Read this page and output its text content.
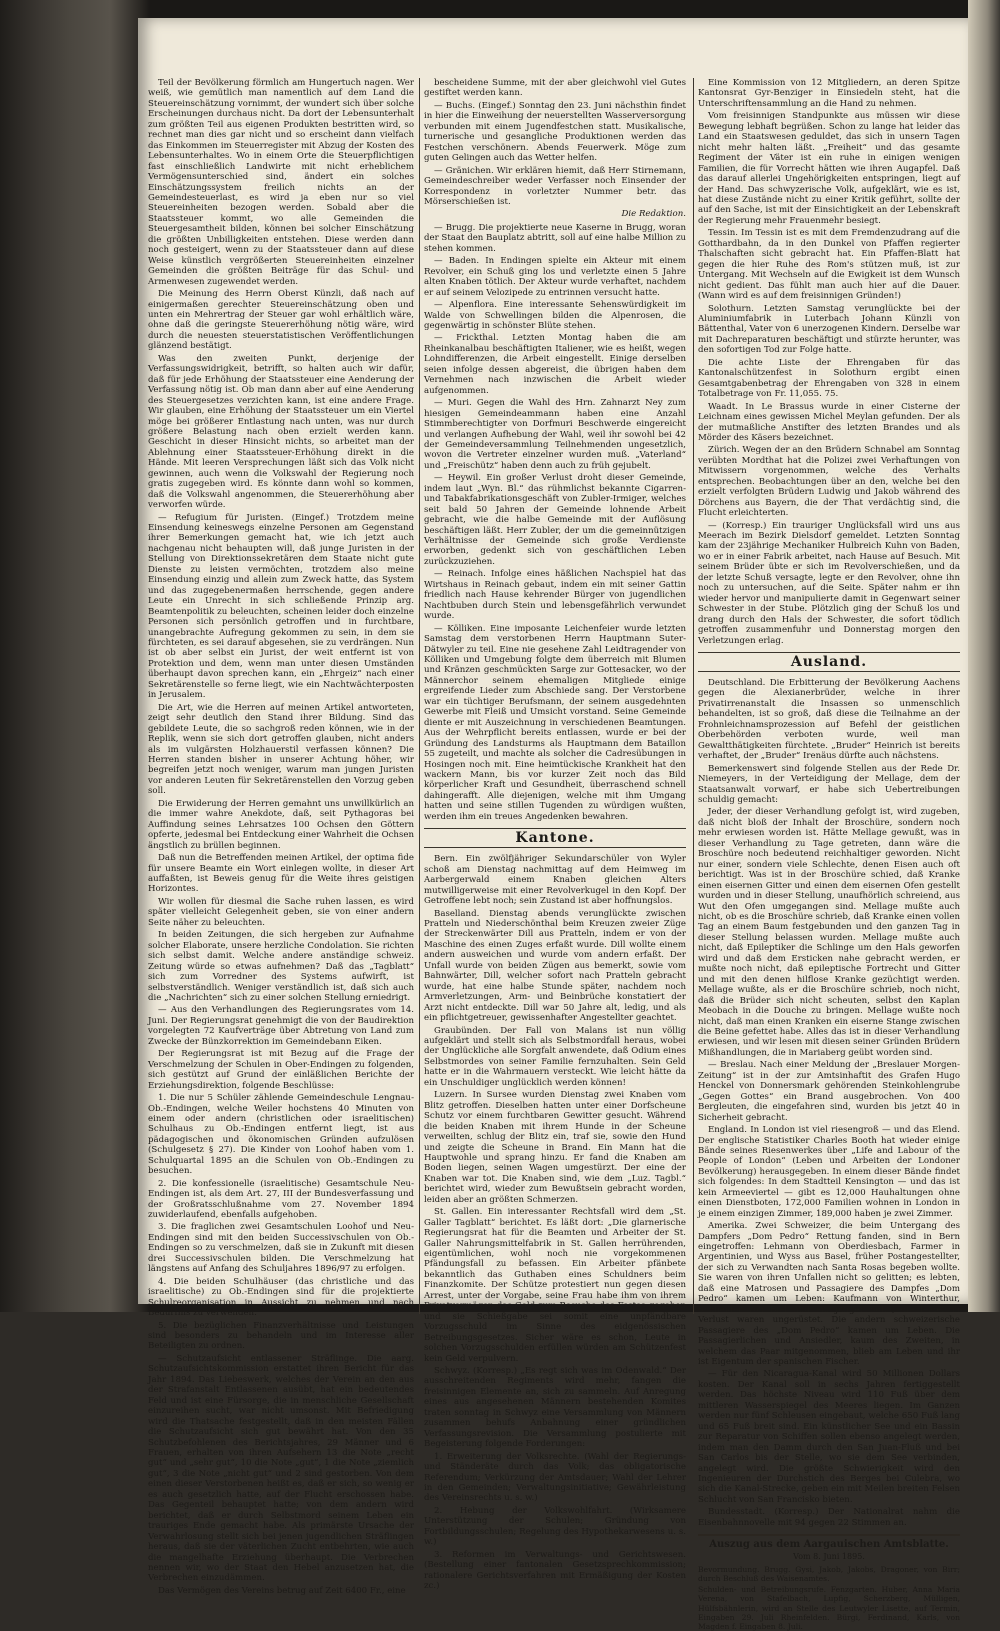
Teil der Bevölkerung förmlich am Hungertuch nagen. Wer weiß, wie gemütlich man namentlich auf dem Land die Steuereinschätzung vornimmt, der wundert sich über solche Erscheinungen durchaus nicht. Da dort der Lebensunterhalt zum größten Teil aus eigenen Produkten bestritten wird, so rechnet man dies gar nicht und so erscheint dann vielfach das Einkommen im Steuerregister mit Abzug der Kosten des Lebensunterhaltes. Wo in einem Orte die Steuerpflichtigen fast einschließlich Landwirte mit nicht erheblichem Vermögensunterschied sind, ändert ein solches Einschätzungssystem freilich nichts an der Gemeindesteuerlast, es wird ja eben nur so viel Steuereinheiten bezogen werden. Sobald aber die Staatssteuer kommt, wo alle Gemeinden die Steuergesamtheit bilden, können bei solcher Einschätzung die größten Unbilligkeiten entstehen. Diese werden dann noch gesteigert, wenn zu der Staatssteuer dann auf diese Weise künstlich vergrößerten Steuereinheiten einzelner Gemeinden die größten Beiträge für das Schul- und Armenwesen zugewendet werden.

Die Meinung des Herrn Oberst Künzli, daß nach auf einigermaßen gerechter Steuereinschätzung oben und unten ein Mehrertrag der Steuer gar wohl erhältlich wäre, ohne daß die geringste Steuererhöhung nötig wäre, wird durch die neuesten steuerstatistischen Veröffentlichungen glänzend bestätigt.

Was den zweiten Punkt, derjenige der Verfassungswidrigkeit, betrifft, so halten auch wir dafür, daß für jede Erhöhung der Staatssteuer eine Aenderung der Verfassung nötig ist. Ob man dann aber auf eine Aenderung des Steuergesetzes verzichten kann, ist eine andere Frage. Wir glauben, eine Erhöhung der Staatssteuer um ein Viertel möge bei größerer Entlastung nach unten, was nur durch größere Belastung nach oben erzielt werden kann. Geschicht in dieser Hinsicht nichts, so arbeitet man der Ablehnung einer Staatssteuer-Erhöhung direkt in die Hände. Mit leeren Versprechungen läßt sich das Volk nicht gewinnen, auch wenn die Volkswahl der Regierung noch gratis zugegeben wird. Es könnte dann wohl so kommen, daß die Volkswahl angenommen, die Steuererhöhung aber verworfen würde.

— Refugium für Juristen. (Eingef.) Trotzdem meine Einsendung keineswegs einzelne Personen am Gegenstand ihrer Bemerkungen gemacht hat, wie ich jetzt auch nachgenau nicht behaupten will, daß junge Juristen in der Stellung von Direktionssekretären dem Staate nicht gute Dienste zu leisten vermöchten, trotzdem also meine Einsendung einzig und allein zum Zweck hatte, das System und das zugegebenermaßen herrschende, gegen andere Leute ein Unrecht in sich schließende Prinzip arg. Beamtenpolitik zu beleuchten, scheinen leider doch einzelne Personen sich persönlich getroffen und in furchtbare, unangebrachte Aufregung gekommen zu sein, in dem sie fürchteten, es sei darauf abgesehen, sie zu verdrängen. Nun ist ob aber selbst ein Jurist, der weit entfernt ist von Protektion und dem, wenn man unter diesen Umständen überhaupt davon sprechen kann, ein „Ehrgeiz“ nach einer Sekretärenstelle so ferne liegt, wie ein Nachtwächterposten in Jerusalem.

Die Art, wie die Herren auf meinen Artikel antworteten, zeigt sehr deutlich den Stand ihrer Bildung. Sind das gebildete Leute, die so sachgroß reden können, wie in der Replik, wenn sie sich dort getroffen glauben, nicht anders als im vulgärsten Holzhauerstil verfassen können? Die Herren standen bisher in unserer Achtung höher, wir begreifen jetzt noch weniger, warum man jungen Juristen vor anderen Leuten für Sekretärenstellen den Vorzug geben soll.

Die Erwiderung der Herren gemahnt uns unwillkürlich an die immer wahre Anekdote, daß, seit Pythagoras bei Auffindung seines Lehrsatzes 100 Ochsen den Göttern opferte, jedesmal bei Entdeckung einer Wahrheit die Ochsen ängstlich zu brüllen beginnen.

Daß nun die Betreffenden meinen Artikel, der optima fide für unsere Beamte ein Wort einlegen wollte, in dieser Art auffaßten, ist Beweis genug für die Weite ihres geistigen Horizontes.

Wir wollen für diesmal die Sache ruhen lassen, es wird später vielleicht Gelegenheit geben, sie von einer andern Seite näher zu beleuchten.

In beiden Zeitungen, die sich hergeben zur Aufnahme solcher Elaborate, unsere herzliche Condolation. Sie richten sich selbst damit. Welche andere anständige schweiz. Zeitung würde so etwas aufnehmen? Daß das „Tagblatt“ sich zum Vorredner des Systems aufwirft, ist selbstverständlich. Weniger verständlich ist, daß sich auch die „Nachrichten“ sich zu einer solchen Stellung erniedrigt.

— Aus den Verhandlungen des Regierungsrates vom 14. Juni. Der Regierungsrat genehmigt die von der Baudirektion vorgelegten 72 Kaufverträge über Abtretung von Land zum Zwecke der Bünzkorrektion im Gemeindebann Eiken.

Der Regierungsrat ist mit Bezug auf die Frage der Verschmelzung der Schulen in Ober-Endingen zu folgenden, sich gestützt auf Grund der einläßlichen Berichte der Erziehungsdirektion, folgende Beschlüsse:

1. Die nur 5 Schüler zählende Gemeindeschule Lengnau-Ob.-Endingen, welche Weiler hochstens 40 Minuten von einem oder andern (christlichen oder israelitischen) Schulhaus zu Ob.-Endingen entfernt liegt, ist aus pädagogischen und ökonomischen Gründen aufzulösen (Schulgesetz § 27). Die Kinder von Loohof haben vom 1. Schulquartal 1895 an die Schulen von Ob.-Endingen zu besuchen.

2. Die konfessionelle (israelitische) Gesamtschule Neu-Endingen ist, als dem Art. 27, III der Bundesverfassung und der Großratsschlußnahme vom 27. November 1894 zuwiderlaufend, ebenfalls aufgehoben.

3. Die fraglichen zwei Gesamtschulen Loohof und Neu-Endingen sind mit den beiden Successivschulen von Ob.-Endingen so zu verschmelzen, daß sie in Zukunft mit diesen drei Successivschulen bilden. Die Verschmelzung hat längstens auf Anfang des Schuljahres 1896/97 zu erfolgen.

4. Die beiden Schulhäuser (das christliche und das israelitische) zu Ob.-Endingen sind für die projektierte Schulreorganisation in Aussicht zu nehmen und nach Bedürfnis zu verwenden.

5. Die bezüglichen Finanzverhältnisse und Leistungen sind besonders zu behandeln und im Interesse aller Beteiligten zu ordnen.

— Schutzaufsicht entlassener Sträflinge. Die aarg. Schutzaufsichtskommission erstattet ihren Bericht für das Jahr 1894. Das Liebeswerk, welches der Verein an den aus der Strafanstalt Entlassenen ausübt, hat ein bedeutendes Feld und ist eine Fürsorge, die in menschliche Gesellschaft einzureihen sucht, war nicht umsonst. Mit Befriedigung wird die Thatsache festgestellt, daß in den meisten Fällen die Schutzaufsicht sich gut bewährt hat. Von den 35 Schutzbefohlenen des Berichtsjahres, 29 Männer und 6 Frauen, erhalten von ihren Aufsehern 13 die Note „recht gut“ und „sehr gut“, 10 die Note „gut“, 1 die Note „ziemlich gut“, 3 die Note „nicht gut“ und 2 sind gestorben. Von dem einen dieser Verstorbenen heißt es, daß er sich, so wenig er es auch gesetzlich hatte, auf der Flucht erschossen habe. Das Gegenteil behauptet hatte; von dem andern wird berichtet, daß er durch Selbstmord seinem Leben ein trauriges Ende gemacht habe. Als primärste Ursache der Verwahrlosung stellt sich bei jenen jugendlichen Sträflingen heraus, daß sie der väterlichen Zucht entbehrten, wie auch die mangelhafte Erziehung überhaupt. Die Verbrechen nennen wir, wo der Staat den Hebel anzusetzen hat, die Verbrechen einzudämmen.

Das Vermögen des Vereins betrug auf Zeit 6400 Fr., eine

bescheidene Summe, mit der aber gleichwohl viel Gutes gestiftet werden kann.

— Buchs. (Eingef.) Sonntag den 23. Juni nächsthin findet in hier die Einweihung der neuerstellten Wasserversorgung verbunden mit einem Jugendfestchen statt. Musikalische, turnerische und gesangliche Produktionen werden das Festchen verschönern. Abends Feuerwerk. Möge zum guten Gelingen auch das Wetter helfen.

— Gränichen. Wir erklären hiemit, daß Herr Stirnemann, Gemeindeschreiber weder Verfasser noch Einsender der Korrespondenz in vorletzter Nummer betr. das Mörserschießen ist.

Die Redaktion.

— Brugg. Die projektierte neue Kaserne in Brugg, woran der Staat den Bauplatz abtritt, soll auf eine halbe Million zu stehen kommen.

— Baden. In Endingen spielte ein Akteur mit einem Revolver, ein Schuß ging los und verletzte einen 5 Jahre alten Knaben tötlich. Der Akteur wurde verhaftet, nachdem er auf seinem Velozipede zu entrinnen versucht hatte.

— Alpenflora. Eine interessante Sehenswürdigkeit im Walde von Schwellingen bilden die Alpenrosen, die gegenwärtig in schönster Blüte stehen.

— Frickthal. Letzten Montag haben die am Rheinkanalbau beschäftigten Italiener, wie es heißt, wegen Lohndifferenzen, die Arbeit eingestellt. Einige derselben seien infolge dessen abgereist, die übrigen haben dem Vernehmen nach inzwischen die Arbeit wieder aufgenommen.

— Muri. Gegen die Wahl des Hrn. Zahnarzt Ney zum hiesigen Gemeindeammann haben eine Anzahl Stimmberechtigter von Dorfmuri Beschwerde eingereicht und verlangen Aufhebung der Wahl, weil ihr sowohl bei 42 der Gemeindeversammlung Teilnehmenden ungesetzlich, wovon die Vertreter einzelner wurden muß. „Vaterland“ und „Freischütz“ haben denn auch zu früh gejubelt.

— Heywil. Ein großer Verlust droht dieser Gemeinde, indem laut „Wyn. Bl.“ das rühmlichst bekannte Cigarren- und Tabakfabrikationsgeschäft von Zubler-Irmiger, welches seit bald 50 Jahren der Gemeinde lohnende Arbeit gebracht, wie die halbe Gemeinde mit der Auflösung beschäftigen läßt. Herr Zubler, der um die gemeinnützigen Verhältnisse der Gemeinde sich große Verdienste erworben, gedenkt sich von geschäftlichen Leben zurückzuziehen.

— Reinach. Infolge eines häßlichen Nachspiel hat das Wirtshaus in Reinach gebaut, indem ein mit seiner Gattin friedlich nach Hause kehrender Bürger von jugendlichen Nachtbuben durch Stein und lebensgefährlich verwundet wurde.

— Kölliken. Eine imposante Leichenfeier wurde letzten Samstag dem verstorbenen Herrn Hauptmann Suter-Dätwyler zu teil. Eine nie gesehene Zahl Leidtragender von Kölliken und Umgebung folgte dem überreich mit Blumen und Kränzen geschmückten Sarge zur Gottesacker, wo der Männerchor seinem ehemaligen Mitgliede einige ergreifende Lieder zum Abschiede sang. Der Verstorbene war ein tüchtiger Berufsmann, der seinem ausgedehnten Gewerbe mit Fleiß und Umsicht vorstand. Seine Gemeinde diente er mit Auszeichnung in verschiedenen Beamtungen. Aus der Wehrpflicht bereits entlassen, wurde er bei der Gründung des Landsturms als Hauptmann dem Bataillon 55 zugeteilt, und machte als solcher die Cadresübungen in Hosingen noch mit. Eine heimtückische Krankheit hat den wackern Mann, bis vor kurzer Zeit noch das Bild körperlicher Kraft und Gesundheit, überraschend schnell dahingerafft. Alle diejenigen, welche mit ihm Umgang hatten und seine stillen Tugenden zu würdigen wußten, werden ihm ein treues Angedenken bewahren.

Kantone.

Bern. Ein zwölfjähriger Sekundarschüler von Wyler schoß am Dienstag nachmittag auf dem Heimweg im Aarbergerwald einem Knaben gleichen Alters mutwilligerweise mit einer Revolverkugel in den Kopf. Der Getroffene lebt noch; sein Zustand ist aber hoffnungslos.

Baselland. Dienstag abends verunglückte zwischen Pratteln und Niederschönthal beim Kreuzen zweier Züge der Streckenwärter Dill aus Pratteln, indem er von der Maschine des einen Zuges erfaßt wurde. Dill wollte einem andern ausweichen und wurde vom andern erfaßt. Der Unfall wurde von beiden Zügen aus bemerkt, sowie vom Bahnwärter, Dill, welcher sofort nach Pratteln gebracht wurde, hat eine halbe Stunde später, nachdem noch Armverletzungen, Arm- und Beinbrüche konstatiert der Arzt nicht entdeckte. Dill war 50 Jahre alt, ledig, und als ein pflichtgetreuer, gewissenhafter Angestellter geachtet.

Graubünden. Der Fall von Malans ist nun völlig aufgeklärt und stellt sich als Selbstmordfall heraus, wobei der Unglückliche alle Sorgfalt anwendete, daß Odium eines Selbstmordes von seiner Familie fernzuhalten. Sein Geld hatte er in die Wahrmauern versteckt. Wie leicht hätte da ein Unschuldiger unglücklich werden können!

Luzern. In Sursee wurden Dienstag zwei Knaben vom Blitz getroffen. Dieselben hatten unter einer Dorfscheune Schutz vor einem furchtbaren Gewitter gesucht. Während die beiden Knaben mit ihrem Hunde in der Scheune verweilten, schlug der Blitz ein, traf sie, sowie den Hund und zeigte die Scheune in Brand. Ein Mann hat die Hauptwohle und sprang hinzu. Er fand die Knaben am Boden liegen, seinen Wagen umgestürzt. Der eine der Knaben war tot. Die Knaben sind, wie dem „Luz. Tagbl.“ berichtet wird, wieder zum Bewußtsein gebracht worden, leiden aber an größten Schmerzen.

St. Gallen. Ein interessanter Rechtsfall wird dem „St. Galler Tagblatt“ berichtet. Es läßt dort: „Die glarnerische Regierungsrat hat für die Beamten und Arbeiter der St. Galler Nahrungsmittelfabrik in St. Gallen herrührenden, eigentümlichen, wohl noch nie vorgekommenen Pfändungsfall zu befassen. Ein Arbeiter pfänbete bekanntlich das Guthaben eines Schuldners beim Finanzkomite. Der Schütze protestiert nun gegen diesen Arrest, unter der Vorgabe, seine Frau habe ihm von ihrem Privatvermögen das Geld zum Besuche des Festes gegeben und sie Schießgabe sei somit eine unpfändbare Vorzugsschuld im Sinne des eidgenössischen Betreibungsgesetzes. Sicher wäre es schon, Leute in solchen Vorzugsschulden erfüllen würden am Schützenfest kein Geld verpulvern.

Schwyz. (Korresp.) „Es regt sich was im Odenwald.“ Der ausschreitenden Regiments wird mehr, fangen die freisinnigen Elemente an, sich zu sammeln. Auf Anregung eines aus angesehenen Männern bestehenden Komites traten sonntag in Schwyz eine Versammlung von Männern zusammen behufs Anbahnung einer gründlichen Verfassungsrevision. Die Versammlung postulierte mit Begeisterung folgende Forderungen:

1. Erweiterung der Volksrechte. (Wahl der Regierungs- und Ständeräte durch das Volk; das obligatorische Referendum; Verkürzung der Amtsdauer; Wahl der Lehrer in den Gemeinden; Verwaltungsinitiative; Gewährleistung des Vereinsrechts u. s. w.)

2. Hebung der Volkswohlfahrt. (Wirksamere Unterstützung der Schulen; Gründung von Fortbildungsschulen; Regelung des Hypothekarwesens u. s. w.)

3. Reformen im Verwaltungs- und Gerichtswesen. (Bestellung einer fantonalen Gesetzsprechkommission; rationalere Gerichtsverfahren mit Ermäßigung der Kosten zc.)

Eine Kommission von 12 Mitgliedern, an deren Spitze Kantonsrat Gyr-Benziger in Einsiedeln steht, hat die Unterschriftensammlung an die Hand zu nehmen.

Vom freisinnigen Standpunkte aus müssen wir diese Bewegung lebhaft begrüßen. Schon zu lange hat leider das Land ein Staatswesen geduldet, das sich in unsern Tagen nicht mehr halten läßt. „Freiheit“ und das gesamte Regiment der Väter ist ein ruhe in einigen wenigen Familien, die für Vorrecht hätten wie ihren Augapfel. Daß das darauf allerlei Ungehörigkeiten entspringen, liegt auf der Hand. Das schwyzerische Volk, aufgeklärt, wie es ist, hat diese Zustände nicht zu einer Kritik geführt, sollte der auf den Sache, ist mit der Einsichtigkeit an der Lebenskraft der Regierung mehr Frauenmehr besiegt.

Tessin. Im Tessin ist es mit dem Fremdenzudrang auf die Gotthardbahn, da in den Dunkel von Pfaffen regierter Thalschaften sicht gebracht hat. Ein Pfaffen-Blatt hat gegen die hier Ruhe des Rom's stützen muß, ist zur Untergang. Mit Wechseln auf die Ewigkeit ist dem Wunsch nicht gedient. Das fühlt man auch hier auf die Dauer. (Wann wird es auf dem freisinnigen Gründen!)

Solothurn. Letzten Samstag verunglückte bei der Aluminiumfabrik in Luterbach Johann Künzli von Bättenthal, Vater von 6 unerzogenen Kindern. Derselbe war mit Dachreparaturen beschäftigt und stürzte herunter, was den sofortigen Tod zur Folge hatte.

Die achte Liste der Ehrengaben für das Kantonalschützenfest in Solothurn ergibt einen Gesamtgabenbetrag der Ehrengaben von 328 in einem Totalbetrage von Fr. 11,055. 75.

Waadt. In Le Brassus wurde in einer Cisterne der Leichnam eines gewissen Michel Meylan gefunden. Der als der mutmaßliche Anstifter des letzten Brandes und als Mörder des Käsers bezeichnet.

Zürich. Wegen der an den Brüdern Schnabel am Sonntag verübten Mordthat hat die Polizei zwei Verhaftungen von Mitwissern vorgenommen, welche des Verhalts entsprechen. Beobachtungen über an den, welche bei den erzielt verfolgten Brüdern Ludwig und Jakob während des Dörchens aus Bayern, die der That verdächtig sind, die Flucht erleichterten.

— (Korresp.) Ein trauriger Unglücksfall wird uns aus Meerach im Bezirk Dielsdorf gemeldet. Letzten Sonntag kam der 23jährige Mechaniker Hulbreich Kuhn von Baden, wo er in einer Fabrik arbeitet, nach Hause auf Besuch. Mit seinem Brüder übte er sich im Revolverschießen, und da der letzte Schuß versagte, legte er den Revolver, ohne ihn noch zu untersuchen, auf die Seite. Später nahm er ihn wieder hervor und manipulierte damit in Gegenwart seiner Schwester in der Stube. Plötzlich ging der Schuß los und drang durch den Hals der Schwester, die sofort tödlich getroffen zusammenfuhr und Donnerstag morgen den Verletzungen erlag.

Ausland.

Deutschland. Die Erbitterung der Bevölkerung Aachens gegen die Alexianerbrüder, welche in ihrer Privatirrenanstalt die Insassen so unmenschlich behandelten, ist so groß, daß diese die Teilnahme an der Frohnleichnamsprozession auf Befehl der geistlichen Oberbehörden verboten wurde, weil man Gewaltthätigkeiten fürchtete. „Bruder“ Heinrich ist bereits verhaftet, der „Bruder“ Irenäus dürfte auch nächstens.

Bemerkenswert sind folgende Stellen aus der Rede Dr. Niemeyers, in der Verteidigung der Mellage, dem der Staatsanwalt vorwarf, er habe sich Uebertreibungen schuldig gemacht:

Jeder, der dieser Verhandlung gefolgt ist, wird zugeben, daß nicht bloß der Inhalt der Broschüre, sondern noch mehr erwiesen worden ist. Hätte Mellage gewußt, was in dieser Verhandlung zu Tage getreten, dann wäre die Broschüre noch bedeutend reichhaltiger geworden. Nicht nur einer, sondern viele Schlechte, denen Eisen auch oft berichtigt. Was ist in der Broschüre schied, daß Kranke einen eisernen Gitter und einen dem eisernen Ofen gestellt wurden und in dieser Stellung, unaufhörlich schreiend, aus Wut den Ofen umgegangen sind. Mellage mußte auch nicht, ob es die Broschüre schrieb, daß Kranke einen vollen Tag an einem Baum festgebunden und den ganzen Tag in dieser Stellung belassen wurden. Mellage mußte auch nicht, daß Epileptiker die Schlinge um den Hals geworfen wird und daß dem Ersticken nahe gebracht werden, er mußte noch nicht, daß epileptische Fortrecht und Gitter und mit den denen hilflose Kranke gezüchtigt werden. Mellage wußte, als er die Broschüre schrieb, noch nicht, daß die Brüder sich nicht scheuten, selbst den Kaplan Meobach in die Douche zu bringen. Mellage wußte noch nicht, daß man einen Kranken ein eiserne Stange zwischen die Beine gefettet habe. Alles das ist in dieser Verhandlung erwiesen, und wir lesen mit diesen seiner Gründen Brüdern Mißhandlungen, die in Mariaberg geübt worden sind.

— Breslau. Nach einer Meldung der „Breslauer Morgen-Zeitung“ ist in der zur Amtsinhaftit des Grafen Hugo Henckel von Donnersmark gehörenden Steinkohlengrube „Gegen Gottes“ ein Brand ausgebrochen. Von 400 Bergleuten, die eingefahren sind, wurden bis jetzt 40 in Sicherheit gebracht.

England. In London ist viel riesengroß — und das Elend. Der englische Statistiker Charles Booth hat wieder einige Bände seines Riesenwerkes über „Life and Labour of the People of London“ (Leben und Arbeiten der Londoner Bevölkerung) herausgegeben. In einem dieser Bände findet sich folgendes: In dem Stadtteil Kensington — und das ist kein Armeeviertel — gibt es 12,000 Hauhaltungen ohne einen Dienstboten, 172,000 Familien wohnen in London in je einem einzigen Zimmer, 189,000 haben je zwei Zimmer.

Amerika. Zwei Schweizer, die beim Untergang des Dampfers „Dom Pedro“ Rettung fanden, sind in Bern eingetroffen: Lehmann von Oberdiesbach, Farmer in Argentinien, und Wyss aus Basel, früher Postangestellter, der sich zu Verwandten nach Santa Rosas begeben wollte. Sie waren von ihren Unfallen nicht so gelitten; es lebten, daß eine Matrosen und Passagiere des Dampfes „Dom Pedro“ kamen um Leben: Kaufmann von Winterthur, Schneider von Biel und ein junger Sohn, die leider in Verlust waren ungerüstet. Die andern schweizerische Passagiere des „Dom Pedro“ kamen um Leben. Die Passagierlichen und Ansiedler, kaum des Zweiten, in welchem das Paar mitgenommen, blieb am Leben und ihr ist Eigentum der spanischen Fischer.

— Für den Nicaragua-Kanal wird 50 Millionen Dollars kosten. Der Kanal soll in sechs Jahren fertiggestellt werden. Das höchste Niveau wird 110 Fuß über dem mittleren Wasserspiegel des Meeres liegen. Im Ganzen werden nur fünf Schleusen eingebaut, welche 650 Fuß lang und 65 Fuß breit sind. Ein künstlicher See und ein Bassin zur Reparatur von Schiffen sollen ebenso angelegt werden, indem man den Damm durch den San Juan-Fluß und bei San Carlos bis der Stelle, wo sie dem See verbinden, angelegt wird. Die größte Schwierigkeit wird den Ingenieuren der Durchstich des Berges bei Culebra, wo sich die Kanal-Strecke, geben ein mit Meilen breiten Felsen Schlucht von San Francisko bieten.

Bundesstadt. (Korresp.) Der Nationalrat nahm die Eisenbahnnovelle mit 94 gegen 22 Stimmen an.

Auszug aus dem Aargauischen Amtsblatte.
Vom 8. Juni 1895.

Bevormundung. Brugg. Gysi, Jakob, Jakobs, Dragoner, von Birr; durch Beschluß des Waisenamtes.

Schulden- und Betreibungsrufe. Fenzgarten. Huber, Anna Maria Verena, von Stafelbach, Lupfig, Scherzberg, Mülligen, Hülfsbähnlerin, wird an Stelle des Leutwyler Lisette, auf Termin, Eingaben 29. Juli Rheinfelden. Bürgi, Ferdinand, Karls, von Magden f. Eingaben 8. Juli.
